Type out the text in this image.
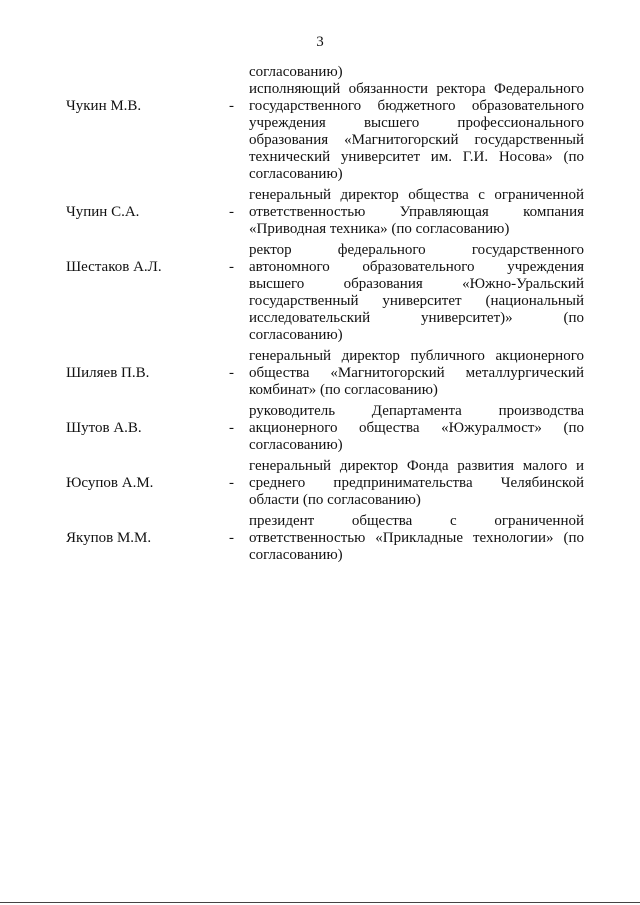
3
согласованию)
Чукин М.В.	-
исполняющий обязанности ректора Федерального
государственного бюджетного образовательного
учреждения высшего профессионального
образования «Магнитогорский государственный
технический университет им. Г.И. Носова» (по
согласованию)
Чупин С.А.	-
генеральный директор общества с ограниченной
ответственностью Управляющая компания
«Приводная техника» (по согласованию)
Шестаков А.Л.	-
ректор федерального государственного
автономного образовательного учреждения
высшего образования «Южно-Уральский
государственный университет (национальный
исследовательский университет)» (по
согласованию)
Шиляев П.В.	-
генеральный директор публичного акционерного
общества «Магнитогорский металлургический
комбинат» (по согласованию)
Шутов А.В.	-
руководитель Департамента производства
акционерного общества «Южуралмост» (по
согласованию)
Юсупов А.М.	-
генеральный директор Фонда развития малого и
среднего предпринимательства Челябинской
области (по согласованию)
Якупов М.М.	-
президент общества с ограниченной
ответственностью «Прикладные технологии» (по
согласованию)
